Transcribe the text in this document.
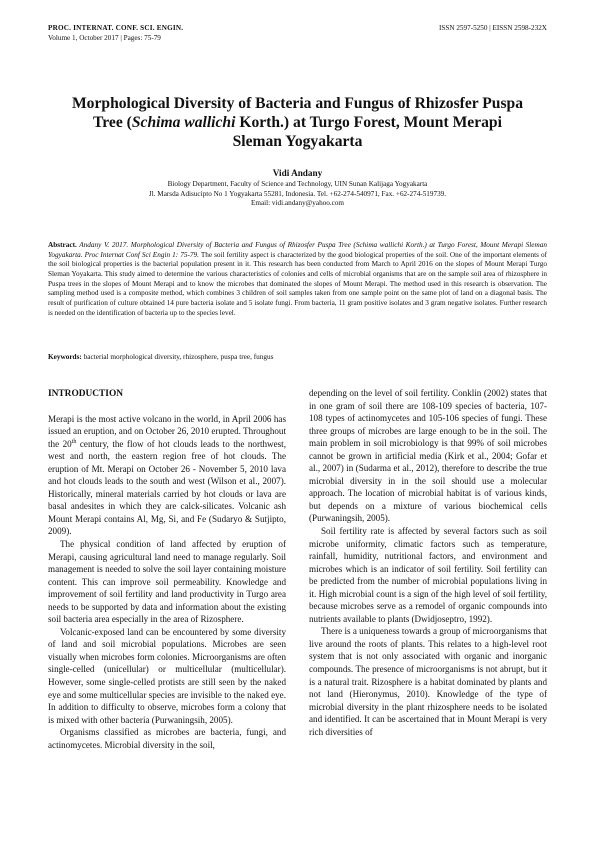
PROC. INTERNAT. CONF. SCI. ENGIN.
Volume 1, October 2017 | Pages: 75-79
ISSN 2597-5250 | EISSN 2598-232X
Morphological Diversity of Bacteria and Fungus of Rhizosfer Puspa
Tree (Schima wallichi Korth.) at Turgo Forest, Mount Merapi
Sleman Yogyakarta
Vidi Andany
Biology Department, Faculty of Science and Technology, UIN Sunan Kalijaga Yogyakarta
Jl. Marsda Adisucipto No 1 Yogyakarta 55281, Indonesia. Tel. +62-274-540971, Fax. +62-274-519739.
Email: vidi.andany@yahoo.com
Abstract. Andany V. 2017. Morphological Diversity of Bacteria and Fungus of Rhizosfer Puspa Tree (Schima wallichi Korth.) at Turgo Forest, Mount Merapi Sleman Yogyakarta. Proc Internat Conf Sci Engin 1: 75-79. The soil fertility aspect is characterized by the good biological properties of the soil. One of the important elements of the soil biological properties is the bacterial population present in it. This research has been conducted from March to April 2016 on the slopes of Mount Merapi Turgo Sleman Yoyakarta. This study aimed to determine the various characteristics of colonies and cells of microbial organisms that are on the sample soil area of rhizosphere in Puspa trees in the slopes of Mount Merapi and to know the microbes that dominated the slopes of Mount Merapi. The method used in this research is observation. The sampling method used is a composite method, which combines 3 children of soil samples taken from one sample point on the same plot of land on a diagonal basis. The result of purification of culture obtained 14 pure bacteria isolate and 5 isolate fungi. From bacteria, 11 gram positive isolates and 3 gram negative isolates. Further research is needed on the identification of bacteria up to the species level.
Keywords: bacterial morphological diversity, rhizosphere, puspa tree, fungus
INTRODUCTION

Merapi is the most active volcano in the world, in April 2006 has issued an eruption, and on October 26, 2010 erupted. Throughout the 20th century, the flow of hot clouds leads to the northwest, west and north, the eastern region free of hot clouds. The eruption of Mt. Merapi on October 26 - November 5, 2010 lava and hot clouds leads to the south and west (Wilson et al., 2007). Historically, mineral materials carried by hot clouds or lava are basal andesites in which they are calck-silicates. Volcanic ash Mount Merapi contains Al, Mg, Si, and Fe (Sudaryo & Sutjipto, 2009).

The physical condition of land affected by eruption of Merapi, causing agricultural land need to manage regularly. Soil management is needed to solve the soil layer containing moisture content. This can improve soil permeability. Knowledge and improvement of soil fertility and land productivity in Turgo area needs to be supported by data and information about the existing soil bacteria area especially in the area of Rizosphere.

Volcanic-exposed land can be encountered by some diversity of land and soil microbial populations. Microbes are seen visually when microbes form colonies. Microorganisms are often single-celled (unicellular) or multicellular (multicellular). However, some single-celled protists are still seen by the naked eye and some multicellular species are invisible to the naked eye. In addition to difficulty to observe, microbes form a colony that is mixed with other bacteria (Purwaningsih, 2005).

Organisms classified as microbes are bacteria, fungi, and actinomycetes. Microbial diversity in the soil,

depending on the level of soil fertility. Conklin (2002) states that in one gram of soil there are 108-109 species of bacteria, 107-108 types of actinomycetes and 105-106 species of fungi. These three groups of microbes are large enough to be in the soil. The main problem in soil microbiology is that 99% of soil microbes cannot be grown in artificial media (Kirk et al., 2004; Gofar et al., 2007) in (Sudarma et al., 2012), therefore to describe the true microbial diversity in in the soil should use a molecular approach. The location of microbial habitat is of various kinds, but depends on a mixture of various biochemical cells (Purwaningsih, 2005).

Soil fertility rate is affected by several factors such as soil microbe uniformity, climatic factors such as temperature, rainfall, humidity, nutritional factors, and environment and microbes which is an indicator of soil fertility. Soil fertility can be predicted from the number of microbial populations living in it. High microbial count is a sign of the high level of soil fertility, because microbes serve as a remodel of organic compounds into nutrients available to plants (Dwidjoseptro, 1992).

There is a uniqueness towards a group of microorganisms that live around the roots of plants. This relates to a high-level root system that is not only associated with organic and inorganic compounds. The presence of microorganisms is not abrupt, but it is a natural trait. Rizosphere is a habitat dominated by plants and not land (Hieronymus, 2010). Knowledge of the type of microbial diversity in the plant rhizosphere needs to be isolated and identified. It can be ascertained that in Mount Merapi is very rich diversities of
